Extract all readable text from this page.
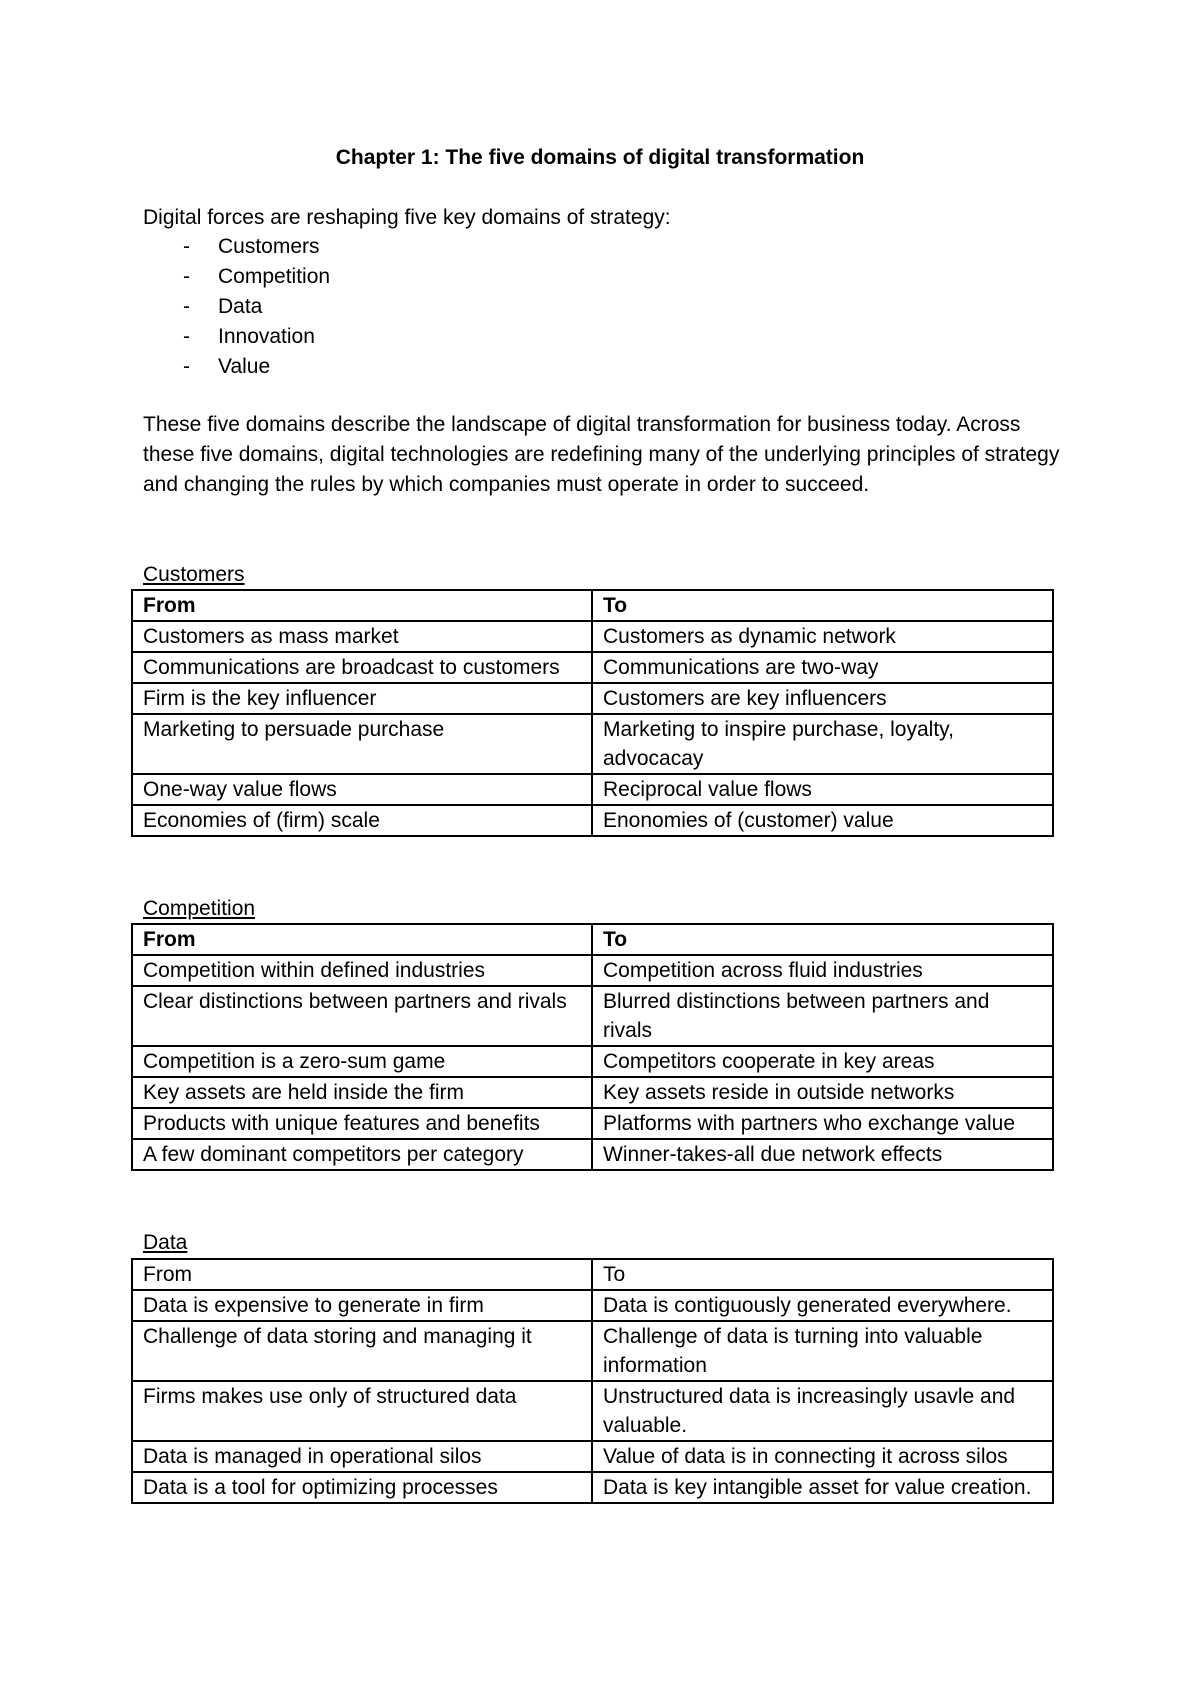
Chapter 1: The five domains of digital transformation

Digital forces are reshaping five key domains of strategy:

- Customers
- Competition
- Data
- Innovation
- Value

These five domains describe the landscape of digital transformation for business today. Across these five domains, digital technologies are redefining many of the underlying principles of strategy and changing the rules by which companies must operate in order to succeed.

Customers
From	To
Customers as mass market	Customers as dynamic network
Communications are broadcast to customers	Communications are two-way
Firm is the key influencer	Customers are key influencers
Marketing to persuade purchase	Marketing to inspire purchase, loyalty, advocacay
One-way value flows	Reciprocal value flows
Economies of (firm) scale	Enonomies of (customer) value
Competition
From	To
Competition within defined industries	Competition across fluid industries
Clear distinctions between partners and rivals	Blurred distinctions between partners and rivals
Competition is a zero-sum game	Competitors cooperate in key areas
Key assets are held inside the firm	Key assets reside in outside networks
Products with unique features and benefits	Platforms with partners who exchange value
A few dominant competitors per category	Winner-takes-all due network effects
Data
From	To
Data is expensive to generate in firm	Data is contiguously generated everywhere.
Challenge of data storing and managing it	Challenge of data is turning into valuable information
Firms makes use only of structured data	Unstructured data is increasingly usavle and valuable.
Data is managed in operational silos	Value of data is in connecting it across silos
Data is a tool for optimizing processes	Data is key intangible asset for value creation.
